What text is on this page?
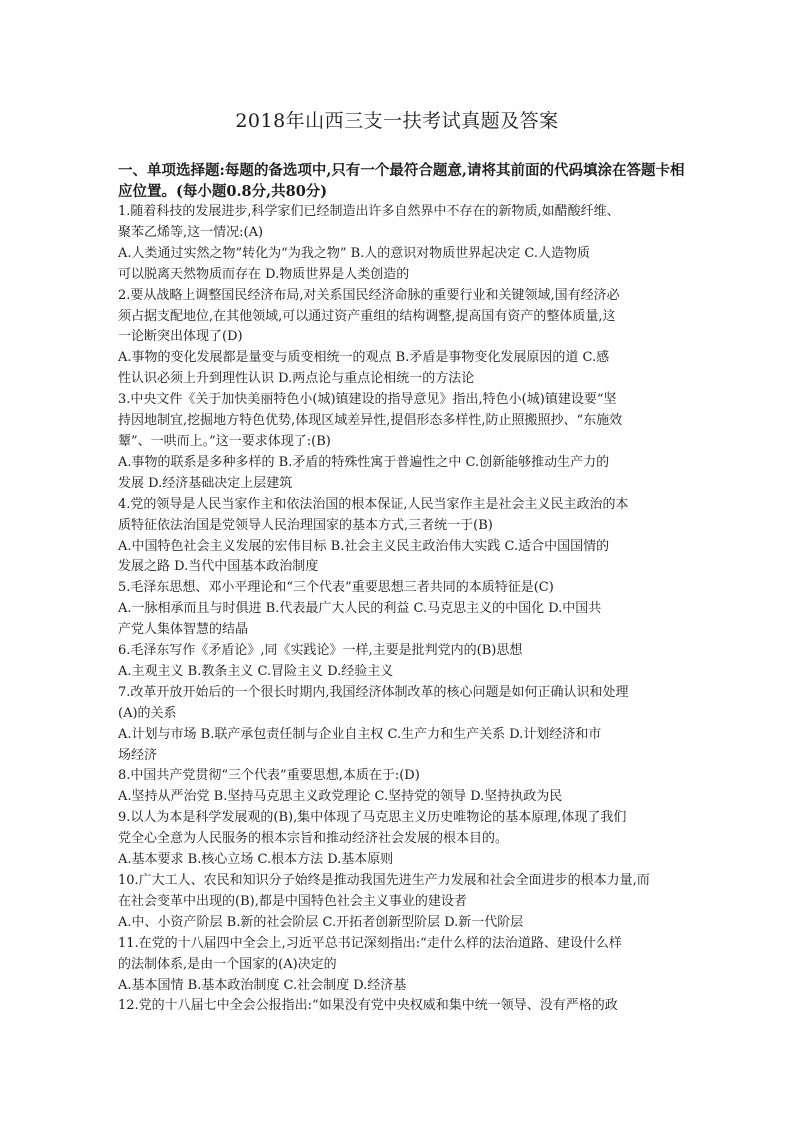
2018年山西三支一扶考试真题及答案
一、单项选择题:每题的备选项中,只有一个最符合题意,请将其前面的代码填涂在答题卡相
应位置。(每小题0.8分,共80分)

1.随着科技的发展进步,科学家们已经制造出许多自然界中不存在的新物质,如醋酸纤维、

聚苯乙烯等,这一情况:(A)

A.人类通过实然之物”转化为“为我之物” B.人的意识对物质世界起决定 C.人造物质

可以脱离天然物质而存在 D.物质世界是人类创造的

2.要从战略上调整国民经济布局,对关系国民经济命脉的重要行业和关键领域,国有经济必

须占据支配地位,在其他领域,可以通过资产重组的结构调整,提高国有资产的整体质量,这

一论断突出体现了(D)

A.事物的变化发展都是量变与质变相统一的观点 B.矛盾是事物变化发展原因的道 C.感

性认识必须上升到理性认识 D.两点论与重点论相统一的方法论

3.中央文件《关于加快美丽特色小(城)镇建设的指导意见》指出,特色小(城)镇建设要“坚

持因地制宜,挖掘地方特色优势,体现区域差异性,提倡形态多样性,防止照搬照抄、“东施效

颦”、一哄而上。”这一要求体现了:(B)

A.事物的联系是多种多样的 B.矛盾的特殊性寓于普遍性之中 C.创新能够推动生产力的

发展 D.经济基础决定上层建筑

4.党的领导是人民当家作主和依法治国的根本保证,人民当家作主是社会主义民主政治的本

质特征依法治国是党领导人民治理国家的基本方式,三者统一于(B)

A.中国特色社会主义发展的宏伟目标 B.社会主义民主政治伟大实践 C.适合中国国情的

发展之路 D.当代中国基本政治制度

5.毛泽东思想、邓小平理论和“三个代表”重要思想三者共同的本质特征是(C)

A.一脉相承而且与时俱进 B.代表最广大人民的利益 C.马克思主义的中国化 D.中国共

产党人集体智慧的结晶

6.毛泽东写作《矛盾论》,同《实践论》一样,主要是批判党内的(B)思想

A.主观主义 B.教条主义 C.冒险主义 D.经验主义

7.改革开放开始后的一个很长时期内,我国经济体制改革的核心问题是如何正确认识和处理

(A)的关系

A.计划与市场 B.联产承包责任制与企业自主权 C.生产力和生产关系 D.计划经济和市

场经济

8.中国共产党贯彻“三个代表”重要思想,本质在于:(D)

A.坚持从严治党 B.坚持马克思主义政党理论 C.坚持党的领导 D.坚持执政为民

9.以人为本是科学发展观的(B),集中体现了马克思主义历史唯物论的基本原理,体现了我们

党全心全意为人民服务的根本宗旨和推动经济社会发展的根本目的。

A.基本要求 B.核心立场 C.根本方法 D.基本原则

10.广大工人、农民和知识分子始终是推动我国先进生产力发展和社会全面进步的根本力量,而

在社会变革中出现的(B),都是中国特色社会主义事业的建设者

A.中、小资产阶层 B.新的社会阶层 C.开拓者创新型阶层 D.新一代阶层

11.在党的十八届四中全会上,习近平总书记深刻指出:“走什么样的法治道路、建设什么样

的法制体系,是由一个国家的(A)决定的

A.基本国情 B.基本政治制度 C.社会制度 D.经济基

12.党的十八届七中全会公报指出:“如果没有党中央权威和集中统一领导、没有严格的政
